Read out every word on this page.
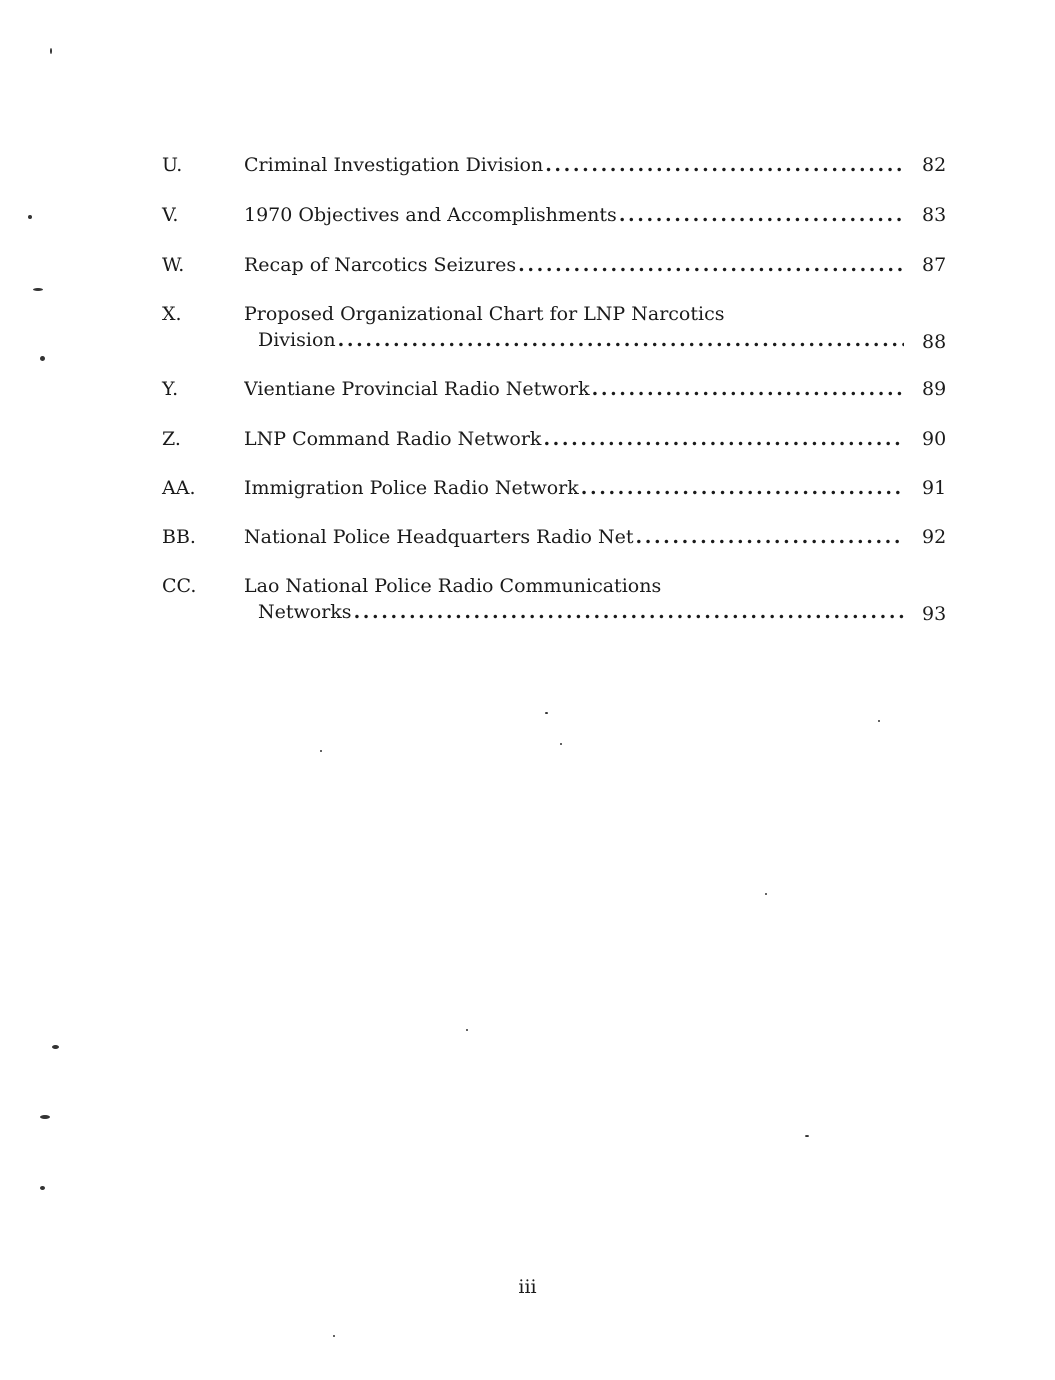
U.	Criminal Investigation Division . . .	82
V.	1970 Objectives and Accomplishments . . .	83
W.	Recap of Narcotics Seizures . . .	87
X.	Proposed Organizational Chart for LNP Narcotics
Division . . .	88
Y.	Vientiane Provincial Radio Network . . .	89
Z.	LNP Command Radio Network . . .	90
AA.	Immigration Police Radio Network . . .	91
BB.	National Police Headquarters Radio Net . . .	92
CC.	Lao National Police Radio Communications
Networks . . .	93
iii
